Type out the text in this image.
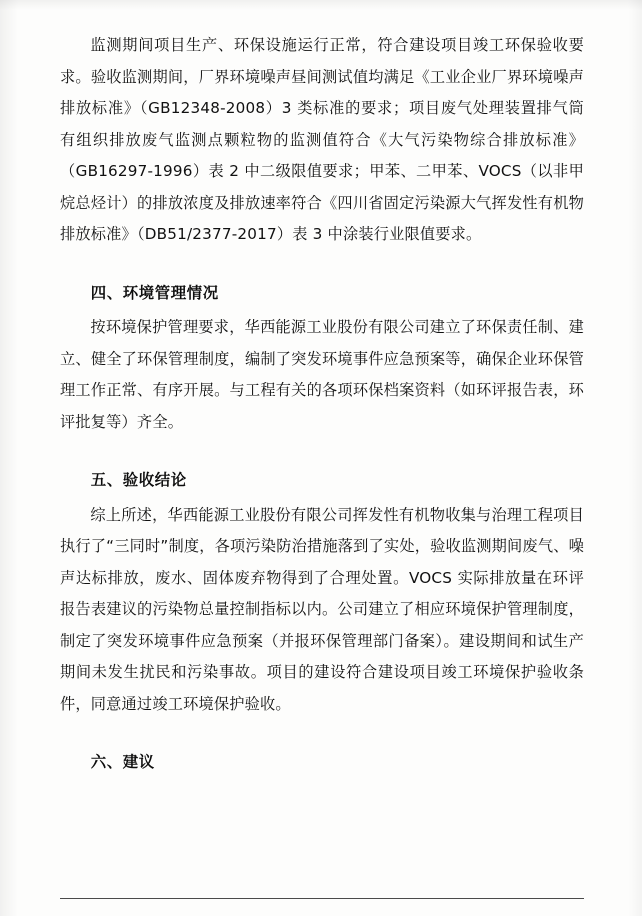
监测期间项目生产、环保设施运行正常，符合建设项目竣工环保验收要求。验收监测期间，厂界环境噪声昼间测试值均满足《工业企业厂界环境噪声排放标准》（GB12348-2008）3 类标准的要求；项目废气处理装置排气筒有组织排放废气监测点颗粒物的监测值符合《大气污染物综合排放标准》（GB16297-1996）表 2 中二级限值要求；甲苯、二甲苯、VOCS（以非甲烷总烃计）的排放浓度及排放速率符合《四川省固定污染源大气挥发性有机物排放标准》（DB51/2377-2017）表 3 中涂装行业限值要求。

四、环境管理情况

按环境保护管理要求，华西能源工业股份有限公司建立了环保责任制、建立、健全了环保管理制度，编制了突发环境事件应急预案等，确保企业环保管理工作正常、有序开展。与工程有关的各项环保档案资料（如环评报告表，环评批复等）齐全。

五、验收结论

综上所述，华西能源工业股份有限公司挥发性有机物收集与治理工程项目执行了“三同时”制度，各项污染防治措施落到了实处，验收监测期间废气、噪声达标排放，废水、固体废弃物得到了合理处置。VOCS 实际排放量在环评报告表建议的污染物总量控制指标以内。公司建立了相应环境保护管理制度，制定了突发环境事件应急预案（并报环保管理部门备案）。建设期间和试生产期间未发生扰民和污染事故。项目的建设符合建设项目竣工环境保护验收条件，同意通过竣工环境保护验收。

六、建议
